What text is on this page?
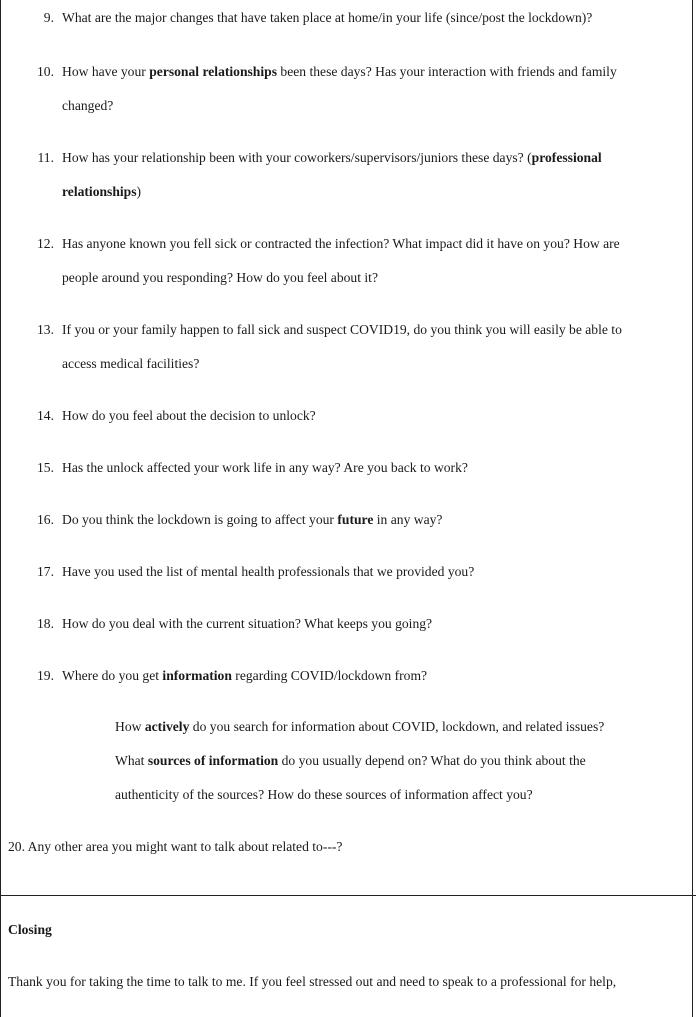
9. What are the major changes that have taken place at home/in your life (since/post the lockdown)?
10. How have your personal relationships been these days? Has your interaction with friends and family
changed?
11. How has your relationship been with your coworkers/supervisors/juniors these days? (professional
relationships)
12. Has anyone known you fell sick or contracted the infection? What impact did it have on you? How are
people around you responding? How do you feel about it?
13. If you or your family happen to fall sick and suspect COVID19, do you think you will easily be able to
access medical facilities?
14. How do you feel about the decision to unlock?
15. Has the unlock affected your work life in any way? Are you back to work?
16. Do you think the lockdown is going to affect your future in any way?
17. Have you used the list of mental health professionals that we provided you?
18. How do you deal with the current situation? What keeps you going?
19. Where do you get information regarding COVID/lockdown from?
How actively do you search for information about COVID, lockdown, and related issues?
What sources of information do you usually depend on? What do you think about the
authenticity of the sources? How do these sources of information affect you?
20. Any other area you might want to talk about related to---?
Closing
Thank you for taking the time to talk to me. If you feel stressed out and need to speak to a professional for help,
